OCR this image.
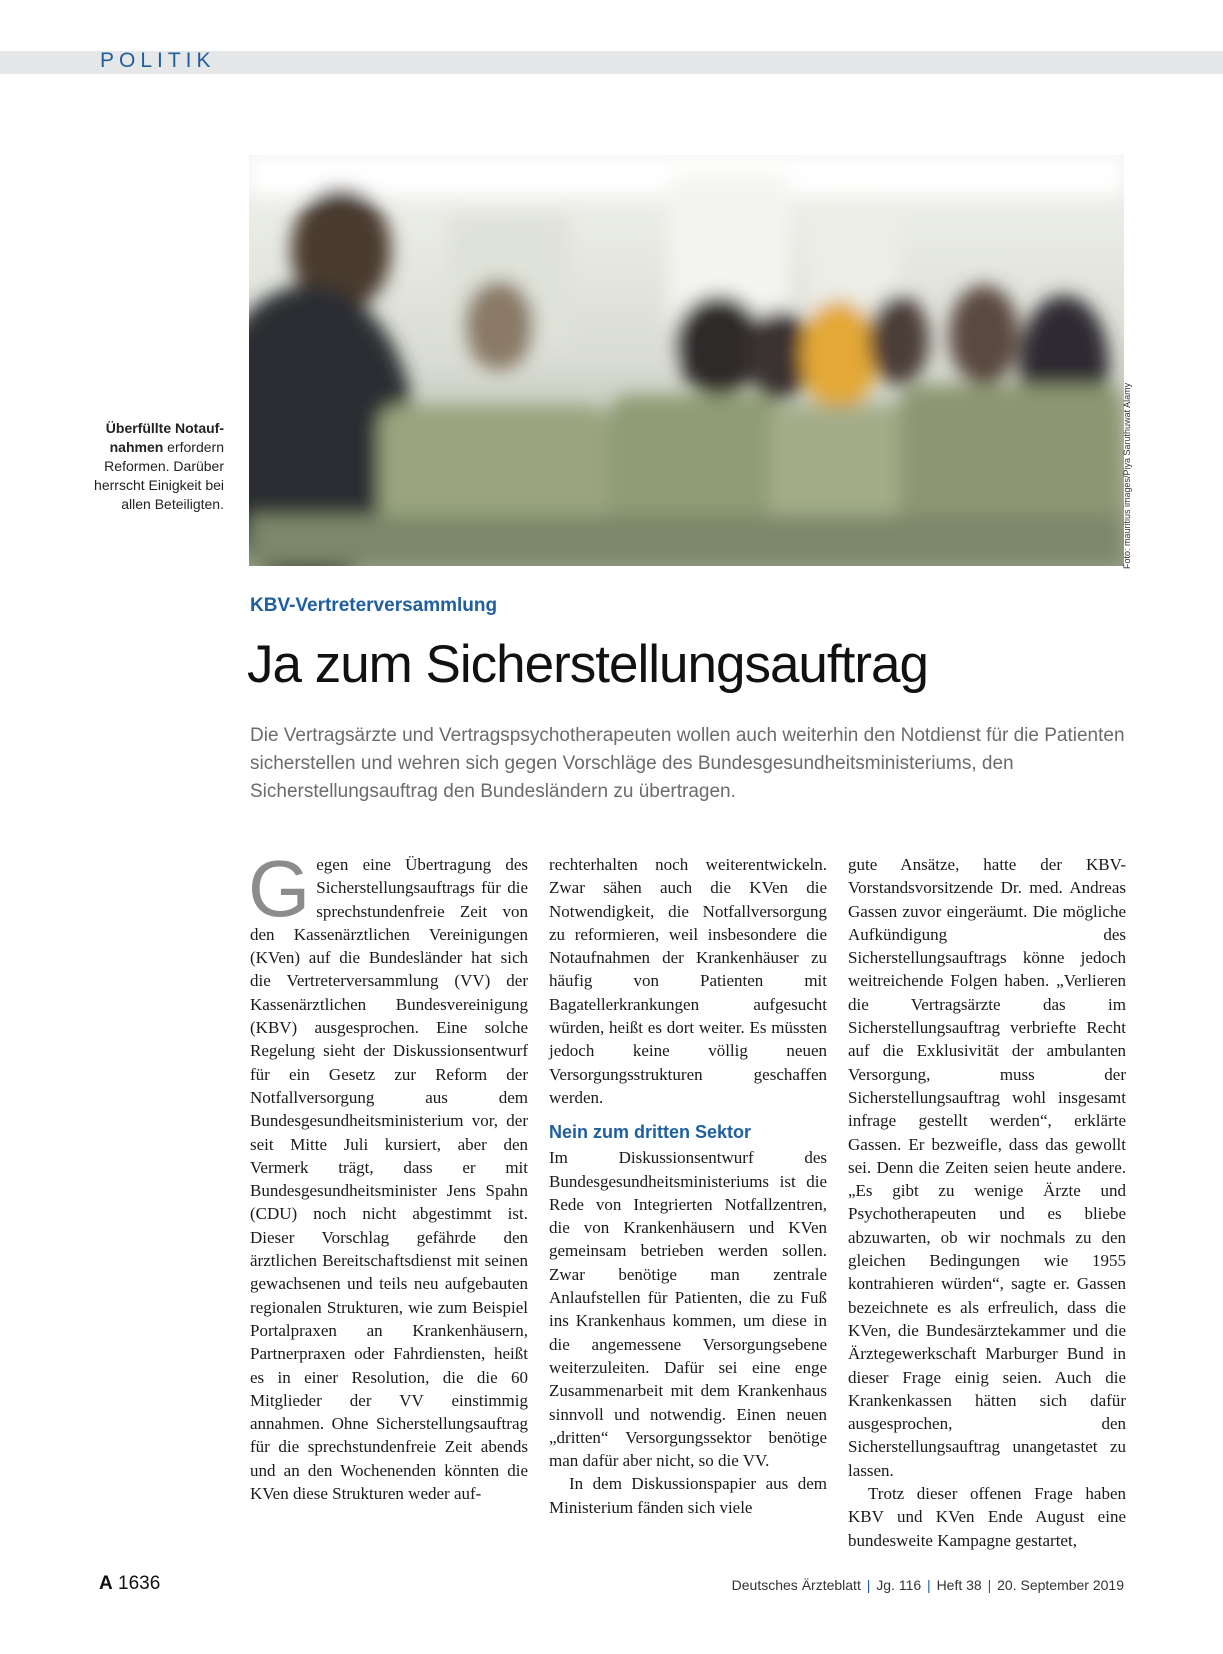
POLITIK
Foto: mauritius images/Piya Saruthuwat Alamy
Überfüllte Notauf-nahmen erfordern Reformen. Darüber herrscht Einigkeit bei allen Beteiligten.
KBV-Vertreterversammlung
Ja zum Sicherstellungsauftrag
Die Vertragsärzte und Vertragspsychotherapeuten wollen auch weiterhin den Notdienst für die Patienten sicherstellen und wehren sich gegen Vorschläge des Bundesgesundheitsministeriums, den Sicherstellungsauftrag den Bundesländern zu übertragen.
G egen eine Übertragung des Sicherstellungsauftrags für die sprechstundenfreie Zeit von den Kassenärztlichen Vereinigungen (KVen) auf die Bundesländer hat sich die Vertreterversammlung (VV) der Kassenärztlichen Bundesvereinigung (KBV) ausgesprochen. Eine solche Regelung sieht der Diskussionsentwurf für ein Gesetz zur Reform der Notfallversorgung aus dem Bundesgesundheitsministerium vor, der seit Mitte Juli kursiert, aber den Vermerk trägt, dass er mit Bundesgesundheitsminister Jens Spahn (CDU) noch nicht abgestimmt ist. Dieser Vorschlag gefährde den ärztlichen Bereitschaftsdienst mit seinen gewachsenen und teils neu aufgebauten regionalen Strukturen, wie zum Beispiel Portalpraxen an Krankenhäusern, Partnerpraxen oder Fahrdiensten, heißt es in einer Resolution, die die 60 Mitglieder der VV einstimmig annahmen. Ohne Sicherstellungsauftrag für die sprechstundenfreie Zeit abends und an den Wochenenden könnten die KVen diese Strukturen weder auf-

rechterhalten noch weiterentwickeln. Zwar sähen auch die KVen die Notwendigkeit, die Notfallversorgung zu reformieren, weil insbesondere die Notaufnahmen der Krankenhäuser zu häufig von Patienten mit Bagatellerkrankungen aufgesucht würden, heißt es dort weiter. Es müssten jedoch keine völlig neuen Versorgungsstrukturen geschaffen werden.

Nein zum dritten Sektor

Im Diskussionsentwurf des Bundesgesundheitsministeriums ist die Rede von Integrierten Notfallzentren, die von Krankenhäusern und KVen gemeinsam betrieben werden sollen. Zwar benötige man zentrale Anlaufstellen für Patienten, die zu Fuß ins Krankenhaus kommen, um diese in die angemessene Versorgungsebene weiterzuleiten. Dafür sei eine enge Zusammenarbeit mit dem Krankenhaus sinnvoll und notwendig. Einen neuen „dritten“ Versorgungssektor benötige man dafür aber nicht, so die VV.

In dem Diskussionspapier aus dem Ministerium fänden sich viele

gute Ansätze, hatte der KBV-Vorstandsvorsitzende Dr. med. Andreas Gassen zuvor eingeräumt. Die mögliche Aufkündigung des Sicherstellungsauftrags könne jedoch weitreichende Folgen haben. „Verlieren die Vertragsärzte das im Sicherstellungsauftrag verbriefte Recht auf die Exklusivität der ambulanten Versorgung, muss der Sicherstellungsauftrag wohl insgesamt infrage gestellt werden“, erklärte Gassen. Er bezweifle, dass das gewollt sei. Denn die Zeiten seien heute andere. „Es gibt zu wenige Ärzte und Psychotherapeuten und es bliebe abzuwarten, ob wir nochmals zu den gleichen Bedingungen wie 1955 kontrahieren würden“, sagte er. Gassen bezeichnete es als erfreulich, dass die KVen, die Bundesärztekammer und die Ärztegewerkschaft Marburger Bund in dieser Frage einig seien. Auch die Krankenkassen hätten sich dafür ausgesprochen, den Sicherstellungsauftrag unangetastet zu lassen.

Trotz dieser offenen Frage haben KBV und KVen Ende August eine bundesweite Kampagne gestartet,

A 1636	Deutsches Ärzteblatt | Jg. 116 | Heft 38 | 20. September 2019
